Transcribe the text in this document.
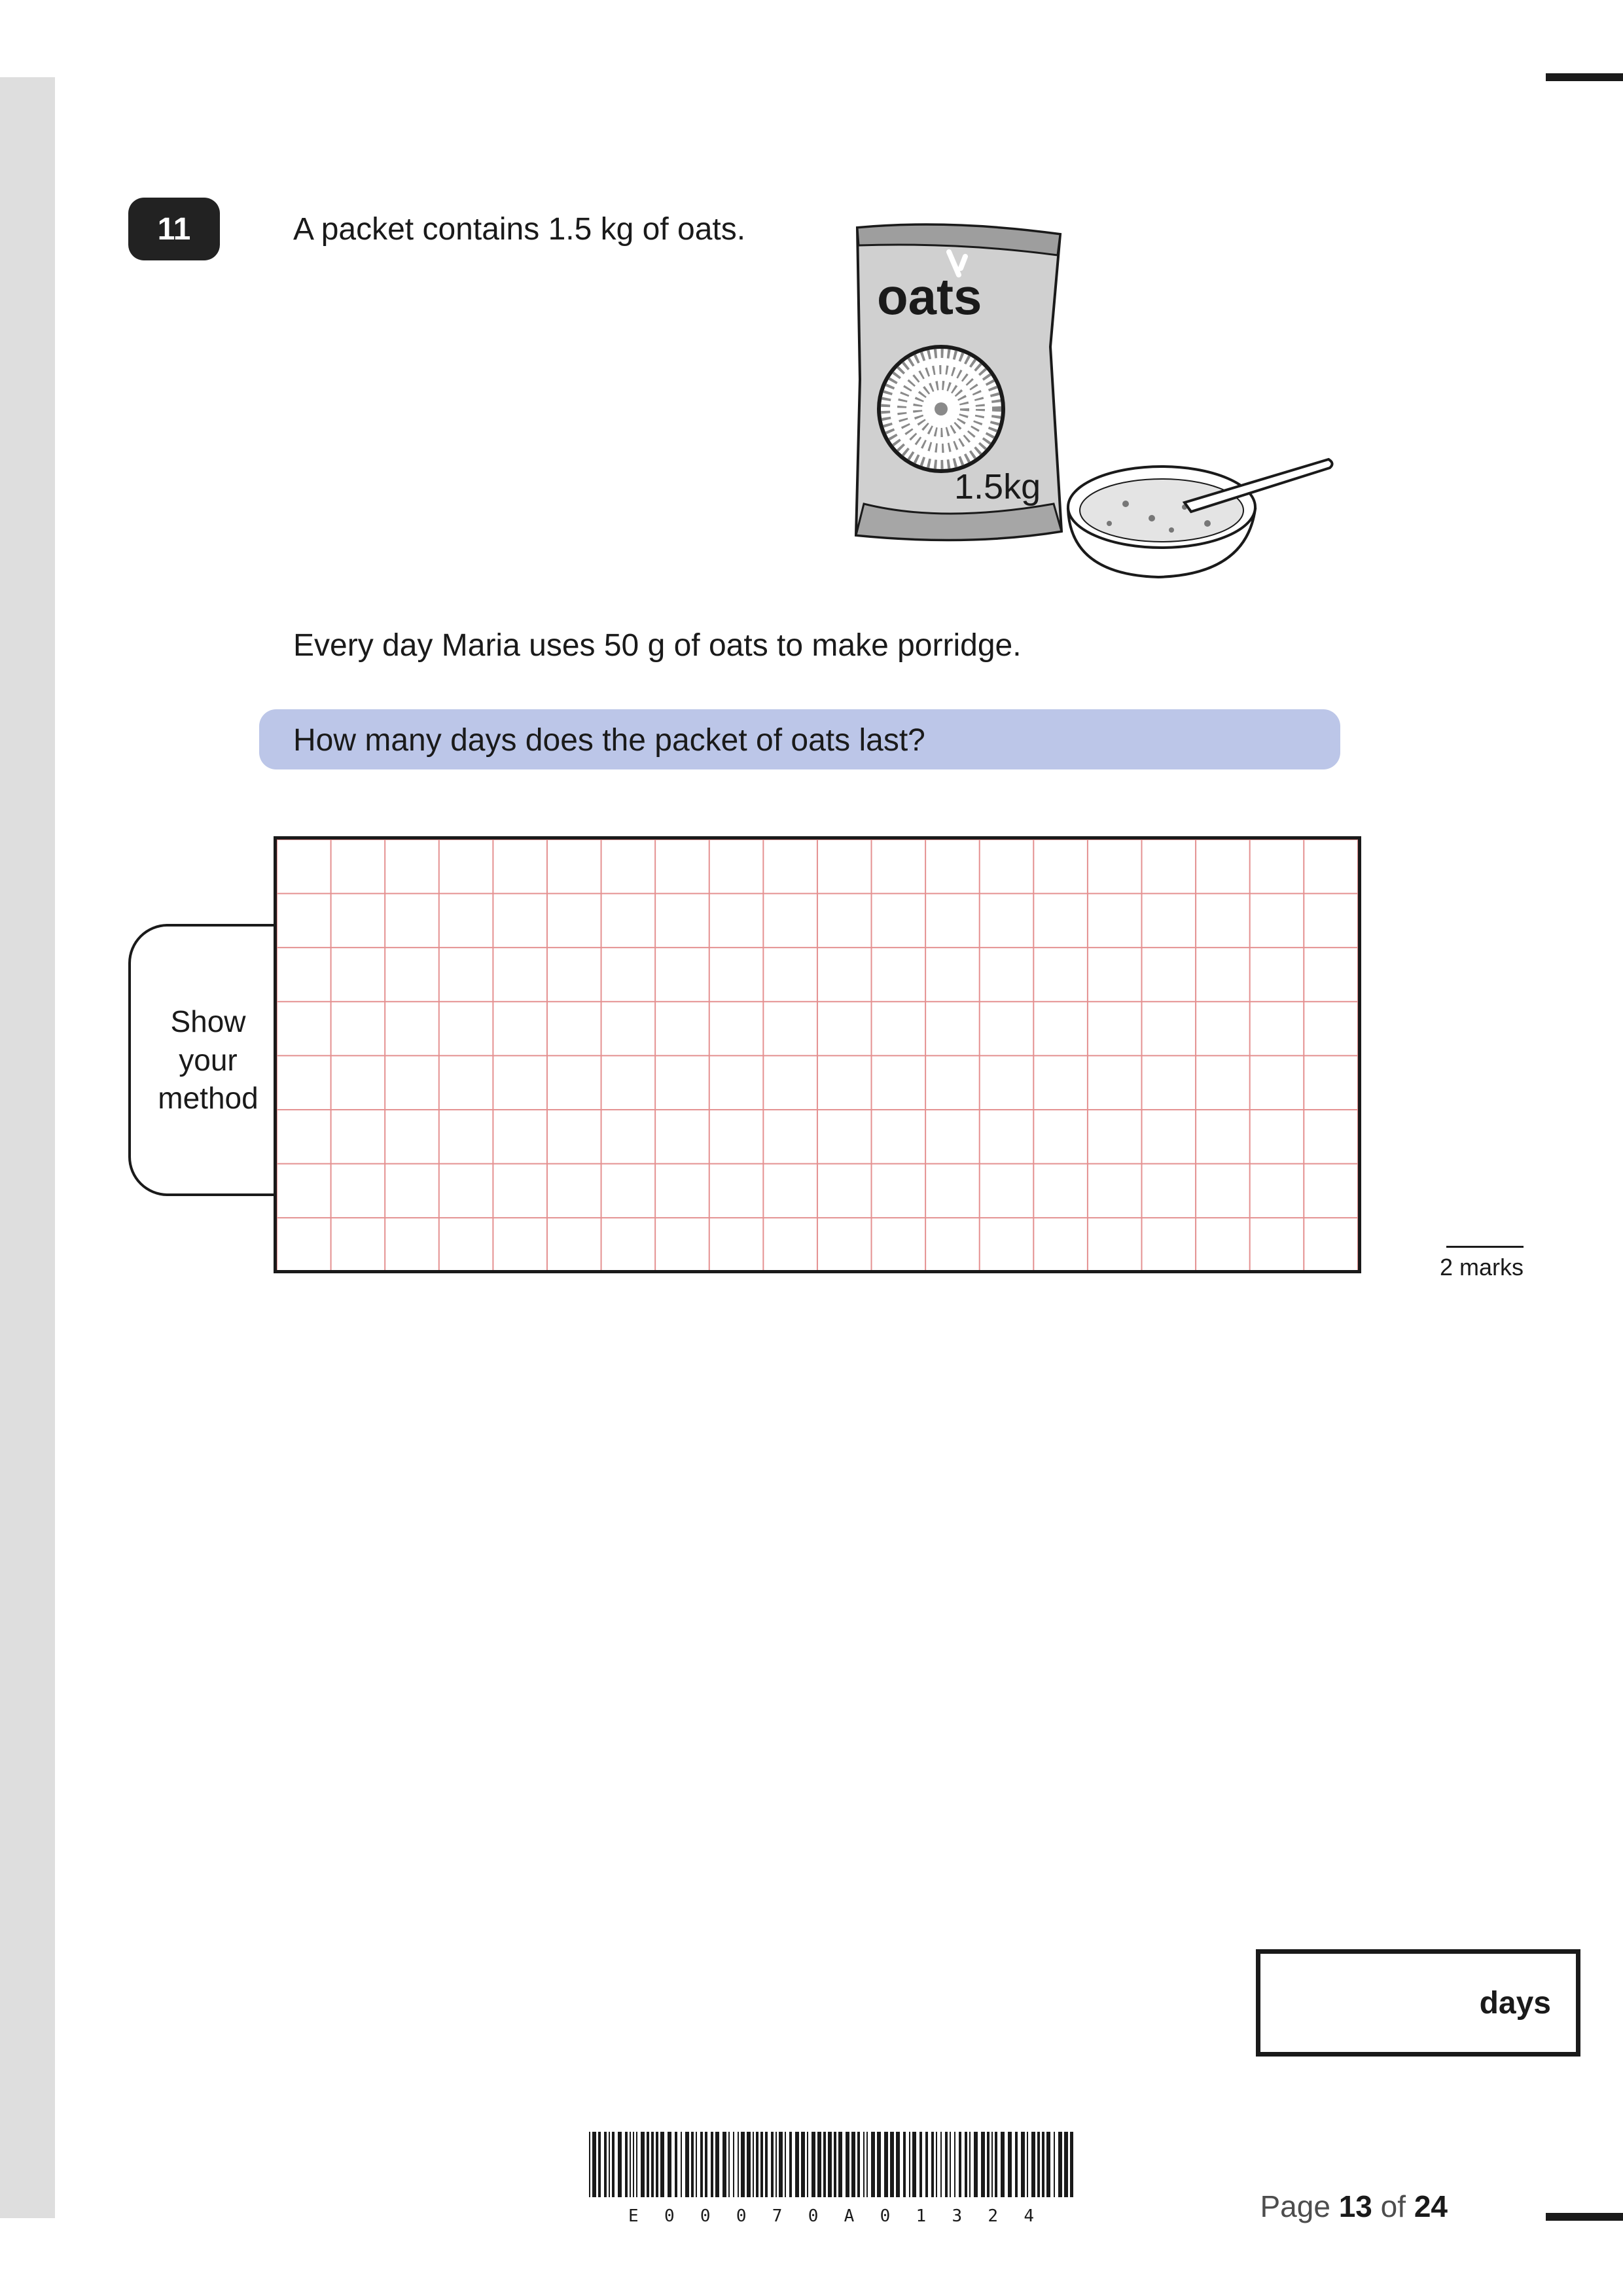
11	A packet contains 1.5 kg of oats.
oats
1.5kg
Every day Maria uses 50 g of oats to make porridge.
How many days does the packet of oats last?
Show your method
days
2 marks
E 0 0 0 7 0 A 0 1 3 2 4	Page 13 of 24
